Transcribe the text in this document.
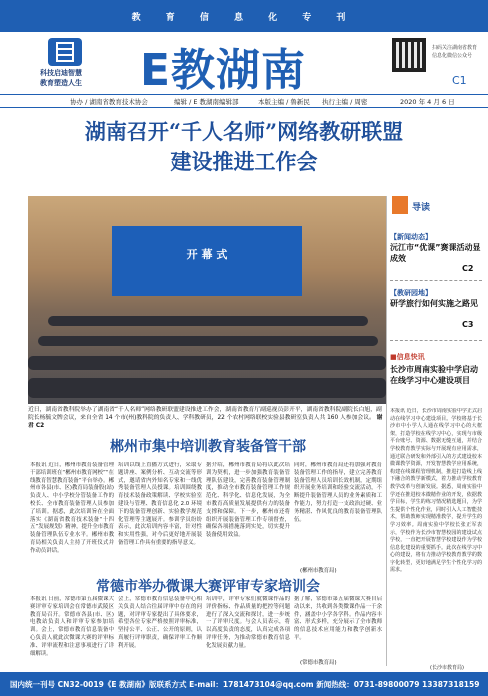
教 育 信 息 化 专 刊
科技启迪智慧
教育塑造人生 E教湖南	扫码关注湖南省教育
信息化微信公众号
C1
协办 / 湖南省教育技术协会	编辑 / E 教湖南编辑部	本版主编 / 鲁新民 执行主编 / 周密	2020 年 4 月 6 日
湖南召开“千人名师”网络教研联盟
建设推进工作会
开 幕 式
近日，湖南省教科院举办了湖南省“千人名师”网络教研联盟建设推进工作会，湖南省教育厅副巡视员彭开平，湖南省教科院副院长白旭，副院长杨毓文牌会议，来自全省 14 个市(州)教科院的负责人、学科教研员，22 个农村网络联校实验县教研室负责人共 160 人参加会议。 谢 君 C2
导读
【新闻动态】
沅江市“优课”赛课活动显成效
C2
【教研园地】
研学旅行如何实施之路见
C3
■信息快讯
长沙市周南实验中学启动在线学习中心建设项目
本报讯 近日，长沙市周南实验中学正式启动在线学习中心建设项目。学校将基于长沙市中小学人人通在线学习中心的大框架，打造学校在线学习中心，实现与市级平台账号、资源、数据无缝互通，并结合学校教育教学实际与开展现有应用需求，通过联合研发和外部引入的方式建设校本微课教学资源，开发智慧教学应用系统，构建在线课程管理机制，推进打造线上线下融合的教学新模式，着力推动学校教育教学改革与创新发展。据悉，周南实验中学还在推进校本微精作业的开发，依据教学目标，学生的练习情况精选题目，为学生提供个性化作业，同时引入人工智能技术，帮助教师实现精准教学，提升学生的学习效率。周南实验中学校长张正军表示，学校作为长沙市智慧校园的建设试点学校，一直把开展智慧学校建设作为学校信息化建设的重要抓手。此次在线学习中心的建设，将有力推动学校教育教学的数字化转型，更好地满足学生个性化学习的需求。
(长沙市教育局)
郴州市集中培训教育装备管干部
本报讯 近日，郴州市教育装备管理干部培训班在“郴州市教育网校”“在线教育智慧教育装备”平台举办。郴州市各县(市、区)教育局装备股(站)负责人、中小学校分管装备工作的校长、全市教育装备管理人员参加了培训。据悉，此次培训旨在全面落实《湖南省教育技术装备“十四五”发展规划》精神，提升全市教育装备管理队伍专业水平。郴州市教育局相关负责人主持了开班仪式并作动员讲话。
培训以线上直播方式进行，采取专题讲座、案例分析、互动交流等形式，邀请省内外知名专家和一线优秀装备管理人员授课。培训围绕教育技术装备政策解读、学校实验室建设与管理、教育信息化 2.0 环境下的装备管理创新、实验教学规范化管理等主题展开。参训学员纷纷表示，此次培训内容丰富，针对性和实用性强，对今后更好地开展装备管理工作具有重要的指导意义。
据介绍，郴州市教育局将以此次培训为契机，进一步加强教育装备管理队伍建设，完善教育装备管理制度，推动全市教育装备管理工作规范化、科学化、信息化发展，为全市教育高质量发展提供有力的装备支撑和保障。下一步，郴州市还将组织开展装备管理工作专项督查，确保各项措施落到实处，切实提升装备使用效益。
同时，郴州市教育局还将加强对教育装备管理工作的指导，建立完善教育装备管理人员培训长效机制，定期组织开展业务培训和经验交流活动，不断提升装备管理人员的业务素质和工作能力，努力打造一支政治过硬、业务精湛、作风优良的教育装备管理队伍。
(郴州市教育局)
常德市举办微课大赛评审专家培训会
本报讯 日前，常德市第五届微课大赛评审专家培训会在常德市武陵区教育局召开。常德市各县(市、区)电教站负责人和评审专家参加培训。会上，常德市教育信息装备中心负责人就此次微课大赛的评审标准、评审流程和注意事项进行了详细解读。
会上，常德市教育信息装备中心相关负责人结合往届评审中存在的问题，对评审专家提出了具体要求，希望各位专家严格按照评审标准，坚持公平、公正、公开的原则，认真履行评审职责，确保评审工作顺利开展。
培训中，评审专家们就微课作品的评价指标、作品质量的把控等问题进行了深入交流和探讨，进一步统一了评审尺度。与会人员表示，将以高度负责的态度，认真完成各项评审任务，为推动常德市教育信息化发展贡献力量。
据了解，常德市第五届微课大赛自启动以来，共收到各类微课作品一千余件，涵盖中小学各学科。作品内容丰富、形式多样，充分展示了全市教师的信息技术应用能力和教学创新水平。
(常德市教育局)
国内统一刊号 CN32-0019《E 教湖南》版联系方式 E-mail：1781473104@qq.com 新闻热线：0731-89800079 13387318159
